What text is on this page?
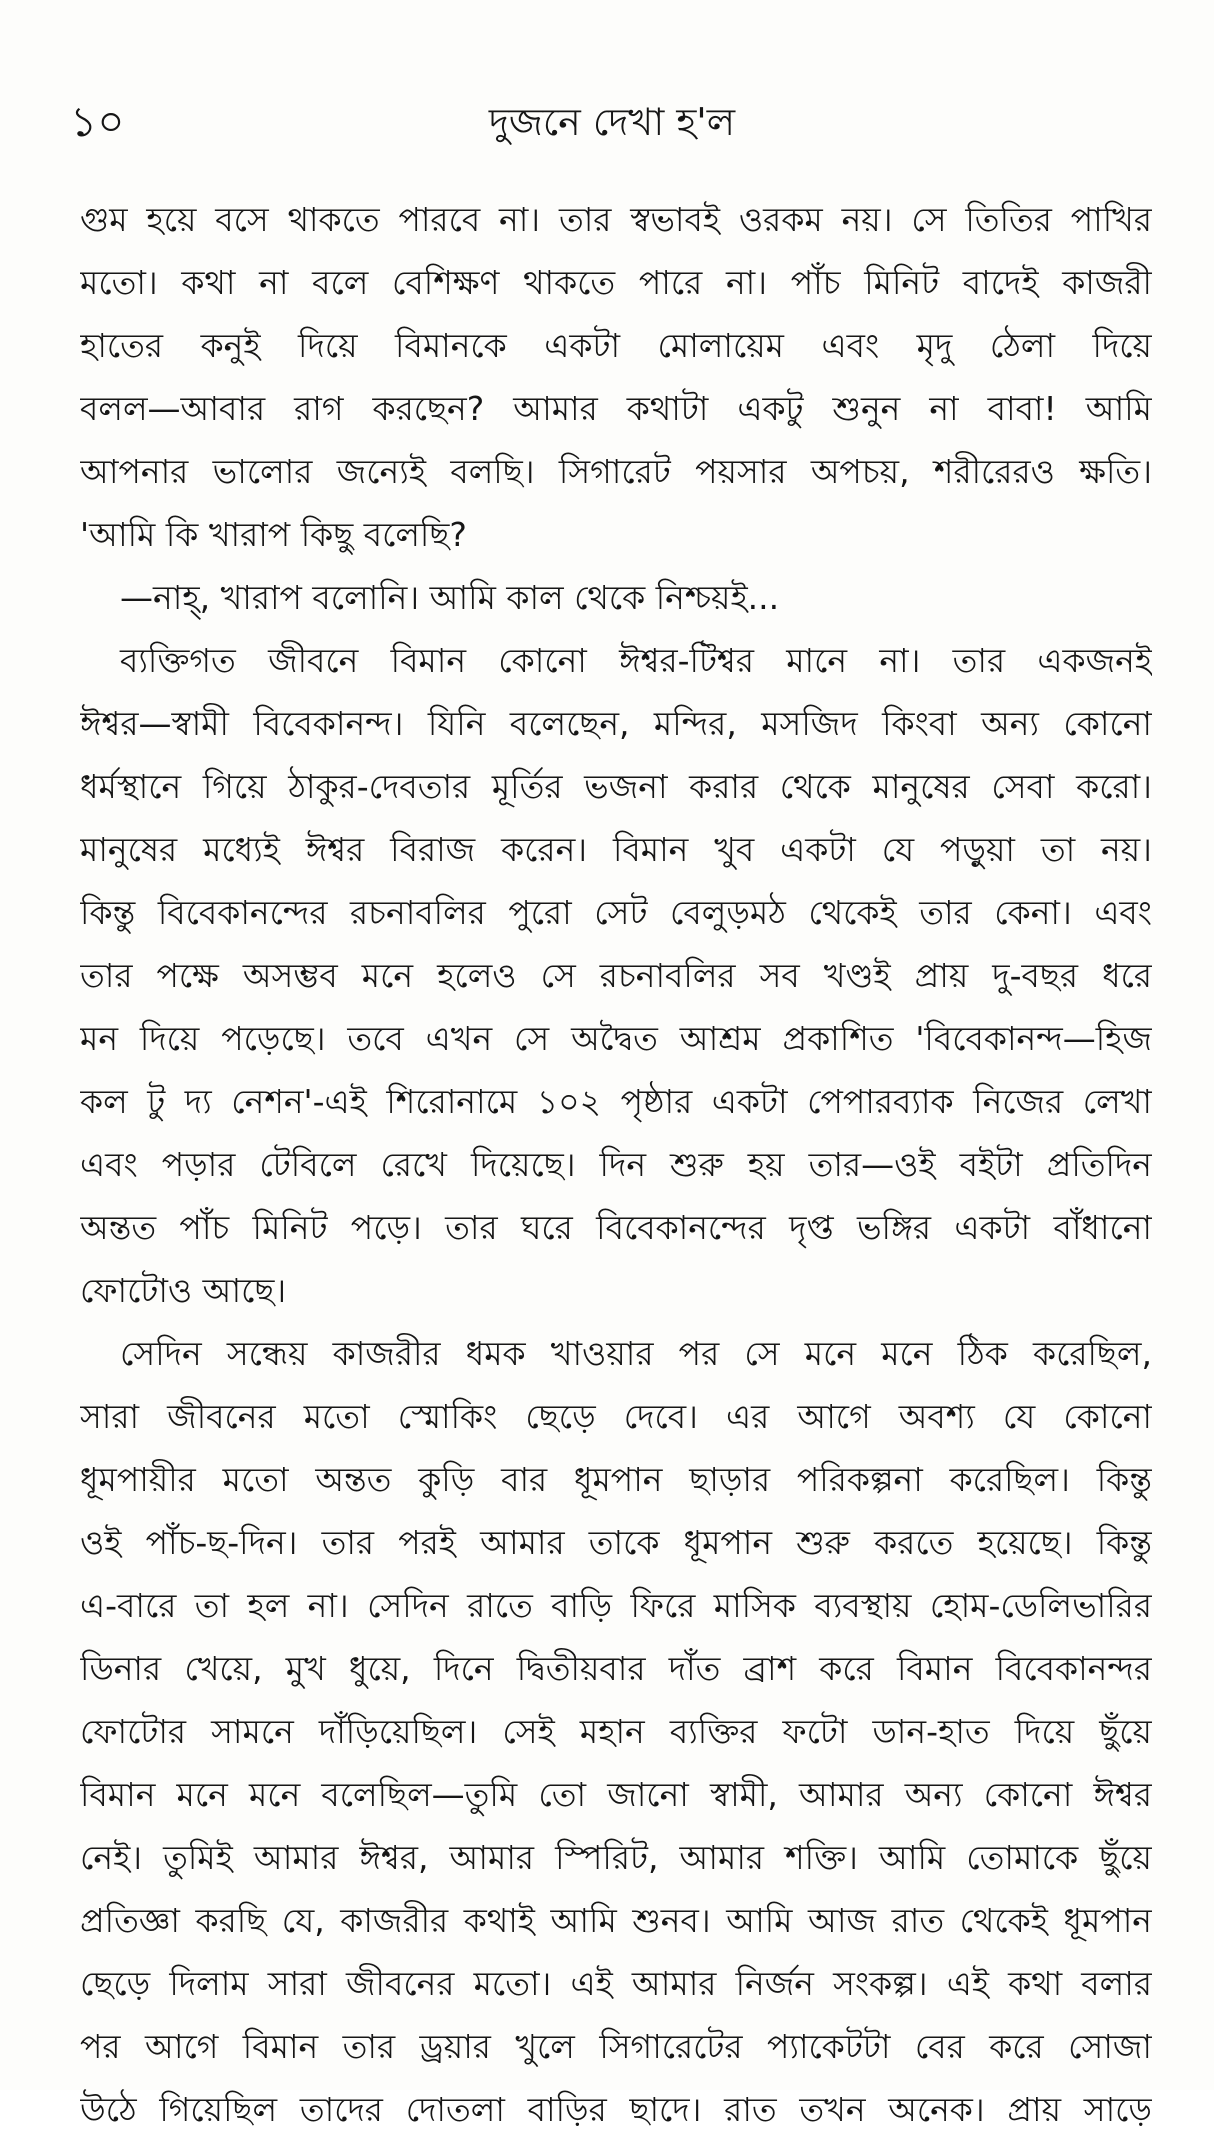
১০	দুজনে দেখা হ'ল
গুম হয়ে বসে থাকতে পারবে না। তার স্বভাবই ওরকম নয়। সে তিতির পাখির
মতো। কথা না বলে বেশিক্ষণ থাকতে পারে না। পাঁচ মিনিট বাদেই কাজরী
হাতের কনুই দিয়ে বিমানকে একটা মোলায়েম এবং মৃদু ঠেলা দিয়ে
বলল—আবার রাগ করছেন? আমার কথাটা একটু শুনুন না বাবা! আমি
আপনার ভালোর জন্যেই বলছি। সিগারেট পয়সার অপচয়, শরীরেরও ক্ষতি।
'আমি কি খারাপ কিছু বলেছি?
—নাহ্, খারাপ বলোনি। আমি কাল থেকে নিশ্চয়ই...
ব্যক্তিগত জীবনে বিমান কোনো ঈশ্বর-টিশ্বর মানে না। তার একজনই
ঈশ্বর—স্বামী বিবেকানন্দ। যিনি বলেছেন, মন্দির, মসজিদ কিংবা অন্য কোনো
ধর্মস্থানে গিয়ে ঠাকুর-দেবতার মূর্তির ভজনা করার থেকে মানুষের সেবা করো।
মানুষের মধ্যেই ঈশ্বর বিরাজ করেন। বিমান খুব একটা যে পড়ুয়া তা নয়।
কিন্তু বিবেকানন্দের রচনাবলির পুরো সেট বেলুড়মঠ থেকেই তার কেনা। এবং
তার পক্ষে অসম্ভব মনে হলেও সে রচনাবলির সব খণ্ডই প্রায় দু-বছর ধরে
মন দিয়ে পড়েছে। তবে এখন সে অদ্বৈত আশ্রম প্রকাশিত 'বিবেকানন্দ—হিজ
কল টু দ্য নেশন'-এই শিরোনামে ১০২ পৃষ্ঠার একটা পেপারব্যাক নিজের লেখা
এবং পড়ার টেবিলে রেখে দিয়েছে। দিন শুরু হয় তার—ওই বইটা প্রতিদিন
অন্তত পাঁচ মিনিট পড়ে। তার ঘরে বিবেকানন্দের দৃপ্ত ভঙ্গির একটা বাঁধানো
ফোটোও আছে।
সেদিন সন্ধেয় কাজরীর ধমক খাওয়ার পর সে মনে মনে ঠিক করেছিল,
সারা জীবনের মতো স্মোকিং ছেড়ে দেবে। এর আগে অবশ্য যে কোনো
ধূমপায়ীর মতো অন্তত কুড়ি বার ধূমপান ছাড়ার পরিকল্পনা করেছিল। কিন্তু
ওই পাঁচ-ছ-দিন। তার পরই আমার তাকে ধূমপান শুরু করতে হয়েছে। কিন্তু
এ-বারে তা হল না। সেদিন রাতে বাড়ি ফিরে মাসিক ব্যবস্থায় হোম-ডেলিভারির
ডিনার খেয়ে, মুখ ধুয়ে, দিনে দ্বিতীয়বার দাঁত ব্রাশ করে বিমান বিবেকানন্দর
ফোটোর সামনে দাঁড়িয়েছিল। সেই মহান ব্যক্তির ফটো ডান-হাত দিয়ে ছুঁয়ে
বিমান মনে মনে বলেছিল—তুমি তো জানো স্বামী, আমার অন্য কোনো ঈশ্বর
নেই। তুমিই আমার ঈশ্বর, আমার স্পিরিট, আমার শক্তি। আমি তোমাকে ছুঁয়ে
প্রতিজ্ঞা করছি যে, কাজরীর কথাই আমি শুনব। আমি আজ রাত থেকেই ধূমপান
ছেড়ে দিলাম সারা জীবনের মতো। এই আমার নির্জন সংকল্প। এই কথা বলার
পর আগে বিমান তার ড্রয়ার খুলে সিগারেটের প্যাকেটটা বের করে সোজা
উঠে গিয়েছিল তাদের দোতলা বাড়ির ছাদে। রাত তখন অনেক। প্রায় সাড়ে
